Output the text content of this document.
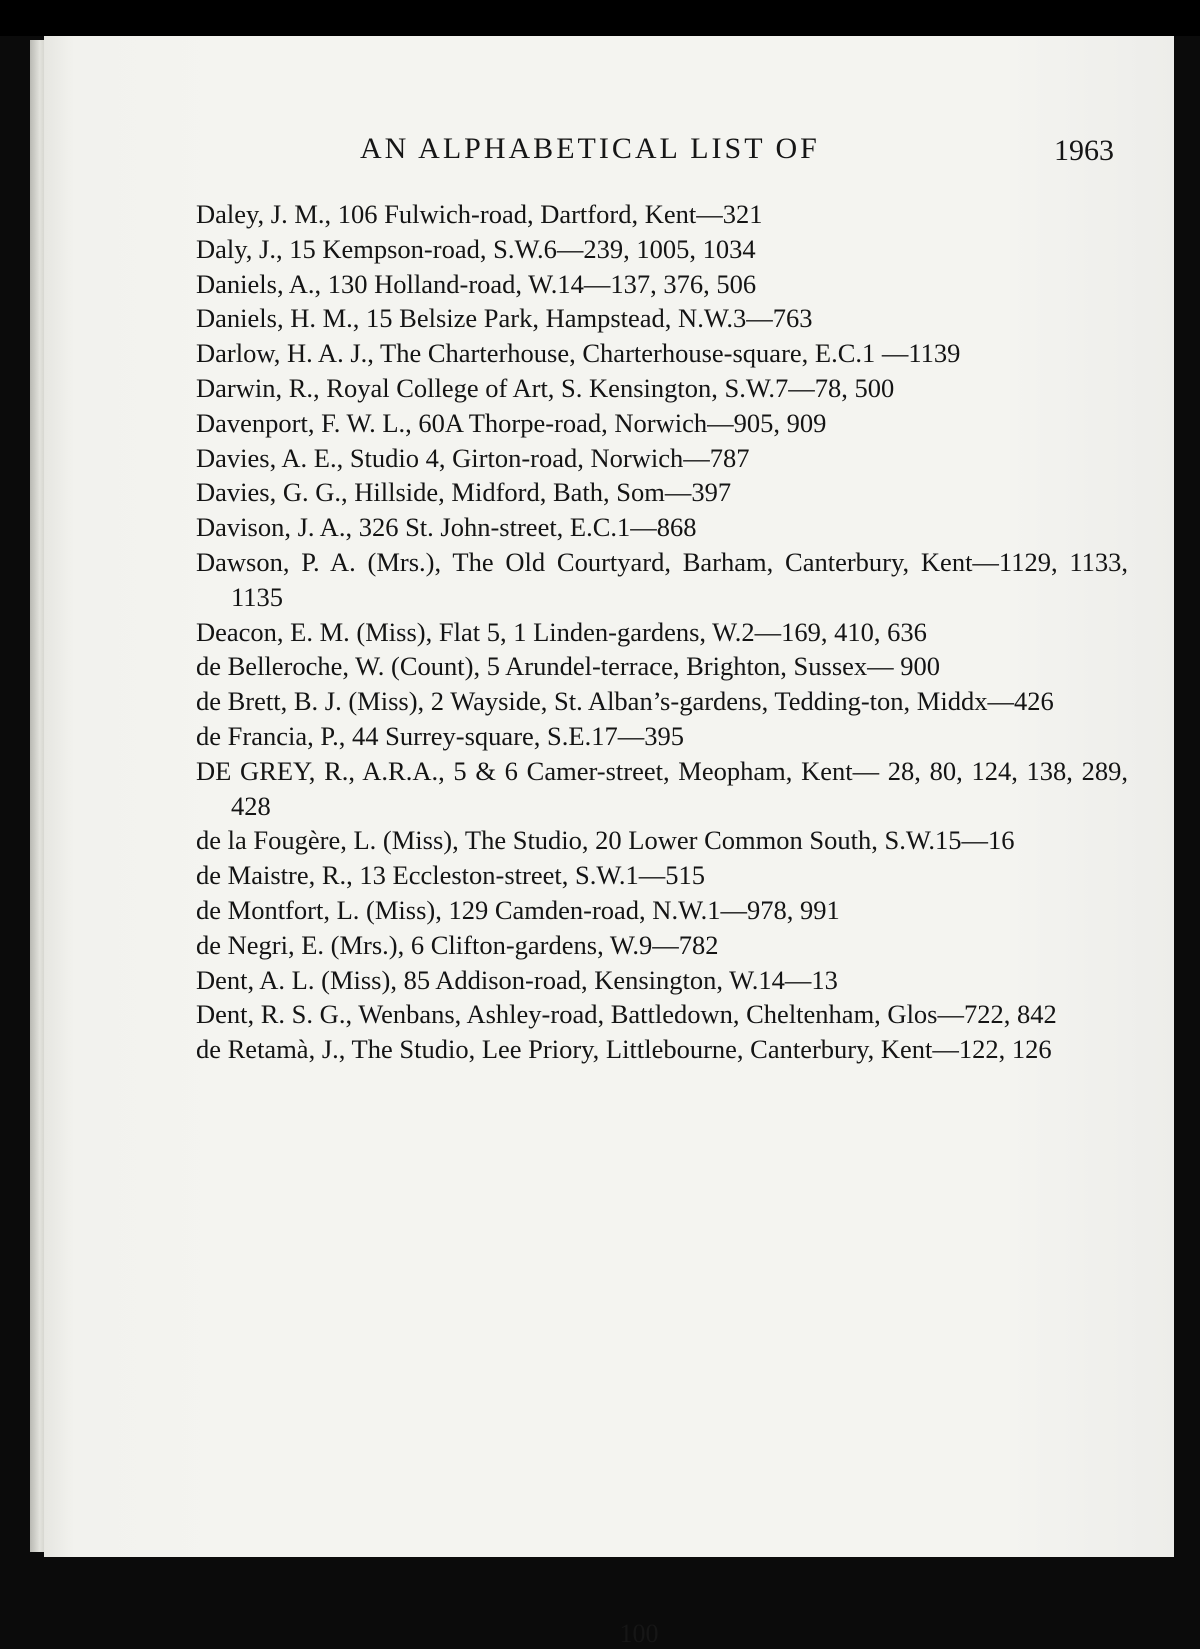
AN ALPHABETICAL LIST OF	1963
Daley, J. M., 106 Fulwich-road, Dartford, Kent—321
Daly, J., 15 Kempson-road, S.W.6—239, 1005, 1034
Daniels, A., 130 Holland-road, W.14—137, 376, 506
Daniels, H. M., 15 Belsize Park, Hampstead, N.W.3—763
Darlow, H. A. J., The Charterhouse, Charterhouse-square, E.C.1 —1139
Darwin, R., Royal College of Art, S. Kensington, S.W.7—78, 500
Davenport, F. W. L., 60A Thorpe-road, Norwich—905, 909
Davies, A. E., Studio 4, Girton-road, Norwich—787
Davies, G. G., Hillside, Midford, Bath, Som—397
Davison, J. A., 326 St. John-street, E.C.1—868
Dawson, P. A. (Mrs.), The Old Courtyard, Barham, Canterbury, Kent—1129, 1133, 1135
Deacon, E. M. (Miss), Flat 5, 1 Linden-gardens, W.2—169, 410, 636
de Belleroche, W. (Count), 5 Arundel-terrace, Brighton, Sussex— 900
de Brett, B. J. (Miss), 2 Wayside, St. Alban’s-gardens, Tedding-ton, Middx—426
de Francia, P., 44 Surrey-square, S.E.17—395
DE GREY, R., A.R.A., 5 & 6 Camer-street, Meopham, Kent— 28, 80, 124, 138, 289, 428
de la Fougère, L. (Miss), The Studio, 20 Lower Common South, S.W.15—16
de Maistre, R., 13 Eccleston-street, S.W.1—515
de Montfort, L. (Miss), 129 Camden-road, N.W.1—978, 991
de Negri, E. (Mrs.), 6 Clifton-gardens, W.9—782
Dent, A. L. (Miss), 85 Addison-road, Kensington, W.14—13
Dent, R. S. G., Wenbans, Ashley-road, Battledown, Cheltenham, Glos—722, 842
de Retamà, J., The Studio, Lee Priory, Littlebourne, Canterbury, Kent—122, 126
100
